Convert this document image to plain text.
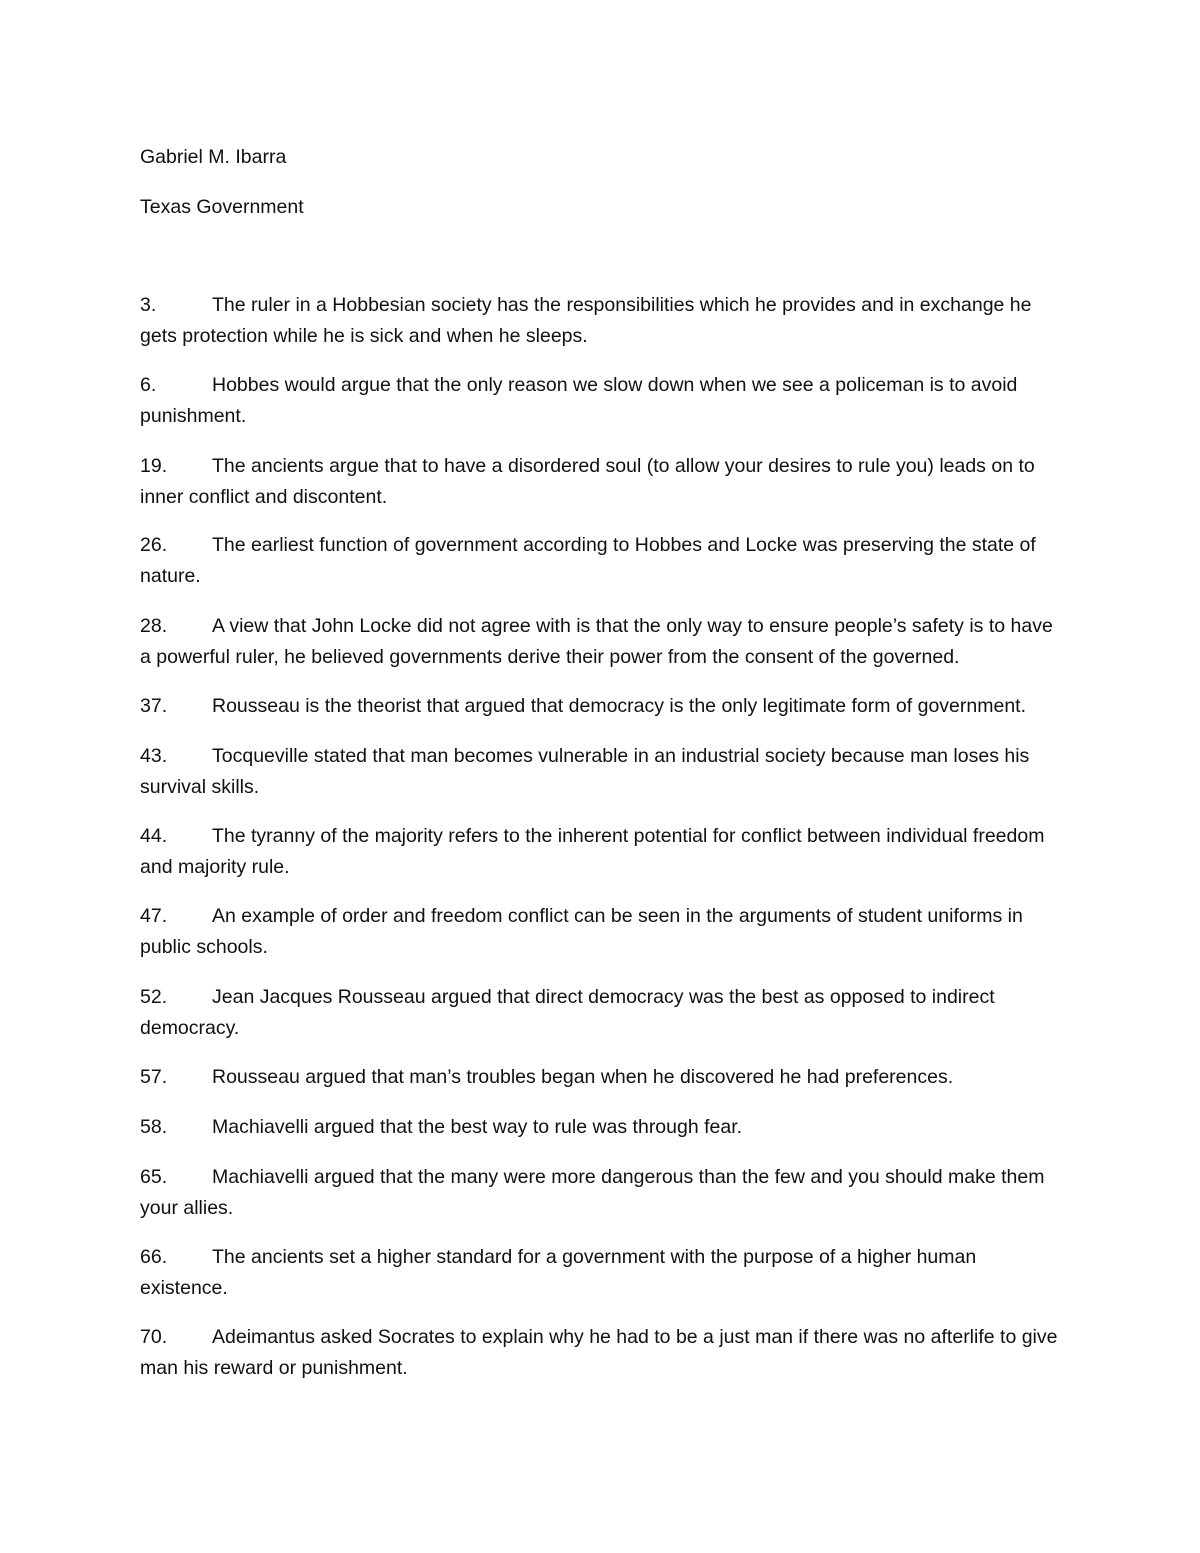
Gabriel M. Ibarra
Texas Government
3.	The ruler in a Hobbesian society has the responsibilities which he provides and in exchange he gets protection while he is sick and when he sleeps.
6.	Hobbes would argue that the only reason we slow down when we see a policeman is to avoid punishment.
19. The ancients argue that to have a disordered soul (to allow your desires to rule you) leads on to inner conflict and discontent.
26. The earliest function of government according to Hobbes and Locke was preserving the state of nature.
28. A view that John Locke did not agree with is that the only way to ensure people’s safety is to have a powerful ruler, he believed governments derive their power from the consent of the governed.
37. Rousseau is the theorist that argued that democracy is the only legitimate form of government.
43. Tocqueville stated that man becomes vulnerable in an industrial society because man loses his survival skills.
44. The tyranny of the majority refers to the inherent potential for conflict between individual freedom and majority rule.
47. An example of order and freedom conflict can be seen in the arguments of student uniforms in public schools.
52. Jean Jacques Rousseau argued that direct democracy was the best as opposed to indirect democracy.
57. Rousseau argued that man’s troubles began when he discovered he had preferences.
58. Machiavelli argued that the best way to rule was through fear.
65. Machiavelli argued that the many were more dangerous than the few and you should make them your allies.
66. The ancients set a higher standard for a government with the purpose of a higher human existence.
70. Adeimantus asked Socrates to explain why he had to be a just man if there was no afterlife to give man his reward or punishment.
